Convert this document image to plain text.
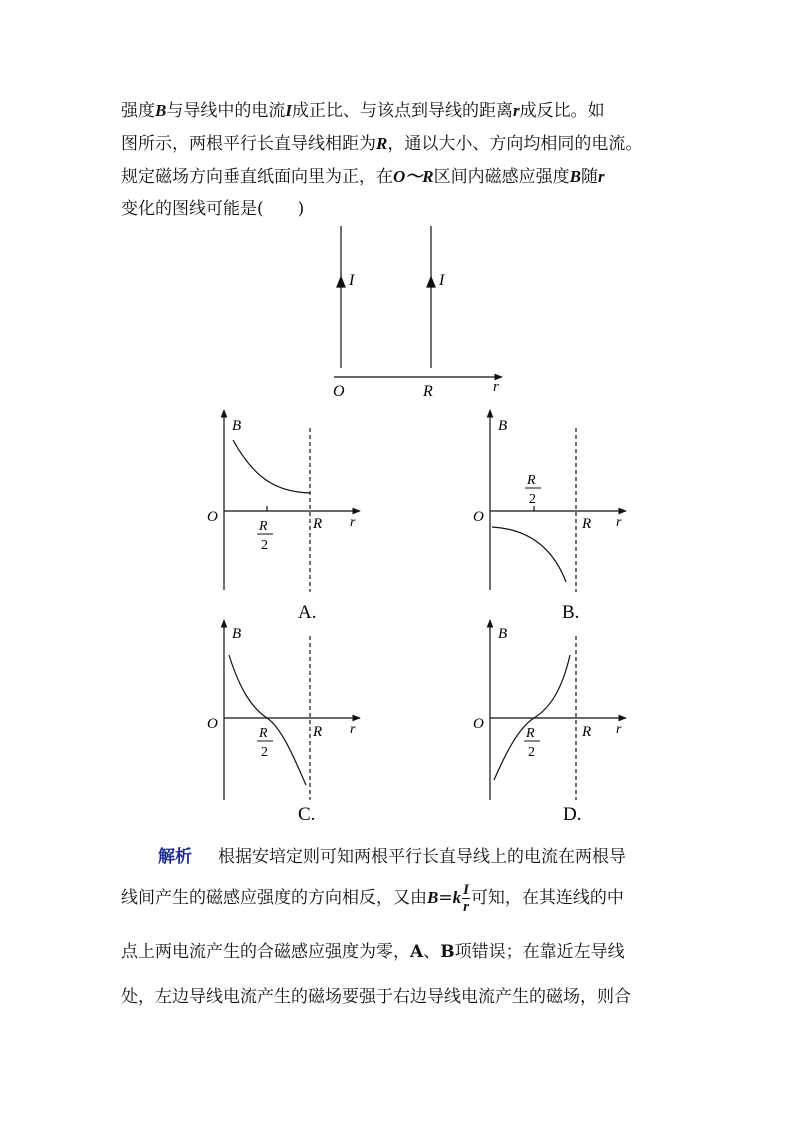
强度B与导线中的电流I成正比、与该点到导线的距离r成反比。如
图所示，两根平行长直导线相距为R，通以大小、方向均相同的电流。
规定磁场方向垂直纸面向里为正，在O～R区间内磁感应强度B随r
变化的图线可能是(　　)
I	I
O	R	r
B
O	R r
R
2
A.
B
O	R r
R
2
B.
B
O	R r
R
2
C.
B
O	R r
R
2
D.
解析 根据安培定则可知两根平行长直导线上的电流在两根导
线间产生的磁感应强度的方向相反，又由$B=k \frac{I}{r}$ 可知，在其连线的中
点上两电流产生的合磁感应强度为零，A、B项错误；在靠近左导线
处，左边导线电流产生的磁场要强于右边导线电流产生的磁场，则合
